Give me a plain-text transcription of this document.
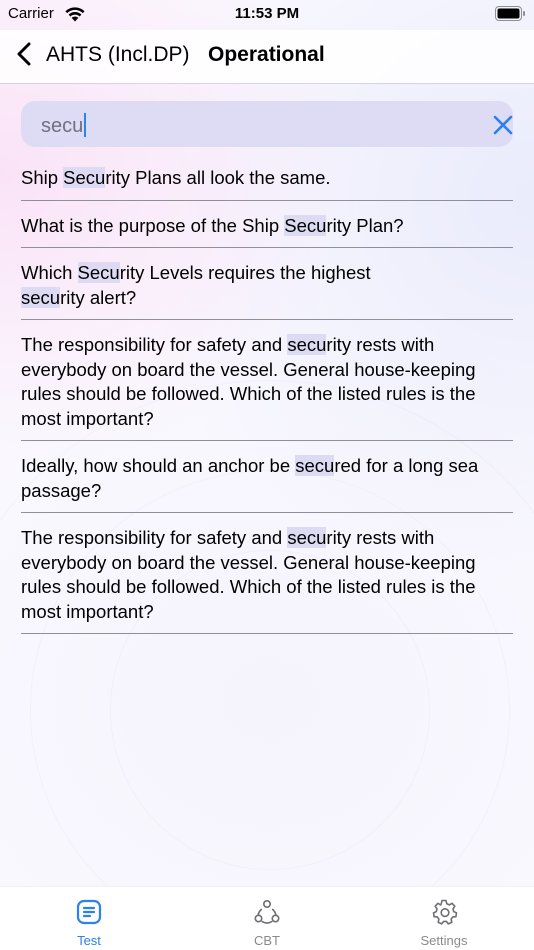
Carrier	11:53 PM
AHTS (Incl.DP) Operational
secu
Ship Security Plans all look the same.
What is the purpose of the Ship Security Plan?
Which Security Levels requires the highest security alert?
The responsibility for safety and security rests with everybody on board the vessel. General house-keeping rules should be followed. Which of the listed rules is the most important?
Ideally, how should an anchor be secured for a long sea passage?
The responsibility for safety and security rests with everybody on board the vessel. General house-keeping rules should be followed. Which of the listed rules is the most important?
Test	CBT	Settings
